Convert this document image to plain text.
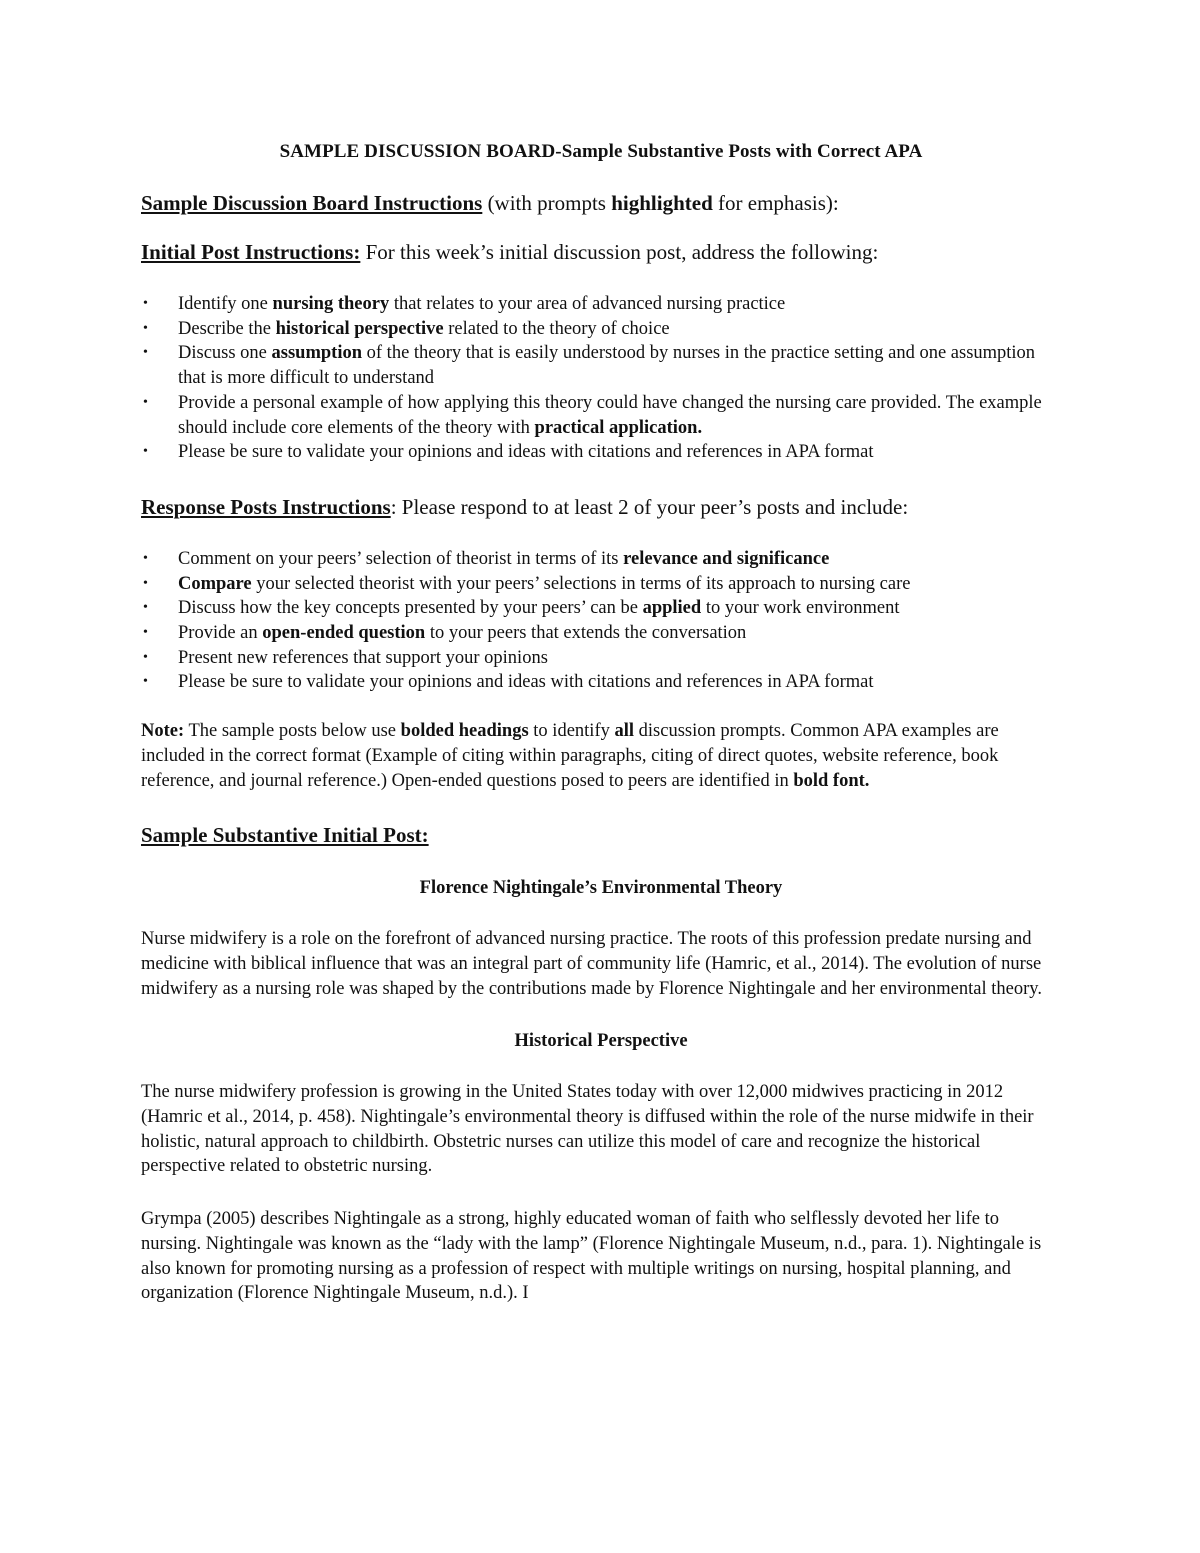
SAMPLE DISCUSSION BOARD-Sample Substantive Posts with Correct APA

Sample Discussion Board Instructions (with prompts highlighted for emphasis):

Initial Post Instructions: For this week’s initial discussion post, address the following:

• Identify one nursing theory that relates to your area of advanced nursing practice
• Describe the historical perspective related to the theory of choice
• Discuss one assumption of the theory that is easily understood by nurses in the practice setting and one assumption that is more difficult to understand
• Provide a personal example of how applying this theory could have changed the nursing care provided. The example should include core elements of the theory with practical application.
• Please be sure to validate your opinions and ideas with citations and references in APA format

Response Posts Instructions: Please respond to at least 2 of your peer’s posts and include:

• Comment on your peers’ selection of theorist in terms of its relevance and significance
• Compare your selected theorist with your peers’ selections in terms of its approach to nursing care
• Discuss how the key concepts presented by your peers’ can be applied to your work environment
• Provide an open-ended question to your peers that extends the conversation
• Present new references that support your opinions
• Please be sure to validate your opinions and ideas with citations and references in APA format

Note: The sample posts below use bolded headings to identify all discussion prompts. Common APA examples are included in the correct format (Example of citing within paragraphs, citing of direct quotes, website reference, book reference, and journal reference.) Open-ended questions posed to peers are identified in bold font.

Sample Substantive Initial Post:

Florence Nightingale’s Environmental Theory

Nurse midwifery is a role on the forefront of advanced nursing practice. The roots of this profession predate nursing and medicine with biblical influence that was an integral part of community life (Hamric, et al., 2014). The evolution of nurse midwifery as a nursing role was shaped by the contributions made by Florence Nightingale and her environmental theory.

Historical Perspective

The nurse midwifery profession is growing in the United States today with over 12,000 midwives practicing in 2012 (Hamric et al., 2014, p. 458). Nightingale’s environmental theory is diffused within the role of the nurse midwife in their holistic, natural approach to childbirth. Obstetric nurses can utilize this model of care and recognize the historical perspective related to obstetric nursing.

Grympa (2005) describes Nightingale as a strong, highly educated woman of faith who selflessly devoted her life to nursing. Nightingale was known as the “lady with the lamp” (Florence Nightingale Museum, n.d., para. 1). Nightingale is also known for promoting nursing as a profession of respect with multiple writings on nursing, hospital planning, and organization (Florence Nightingale Museum, n.d.). I
